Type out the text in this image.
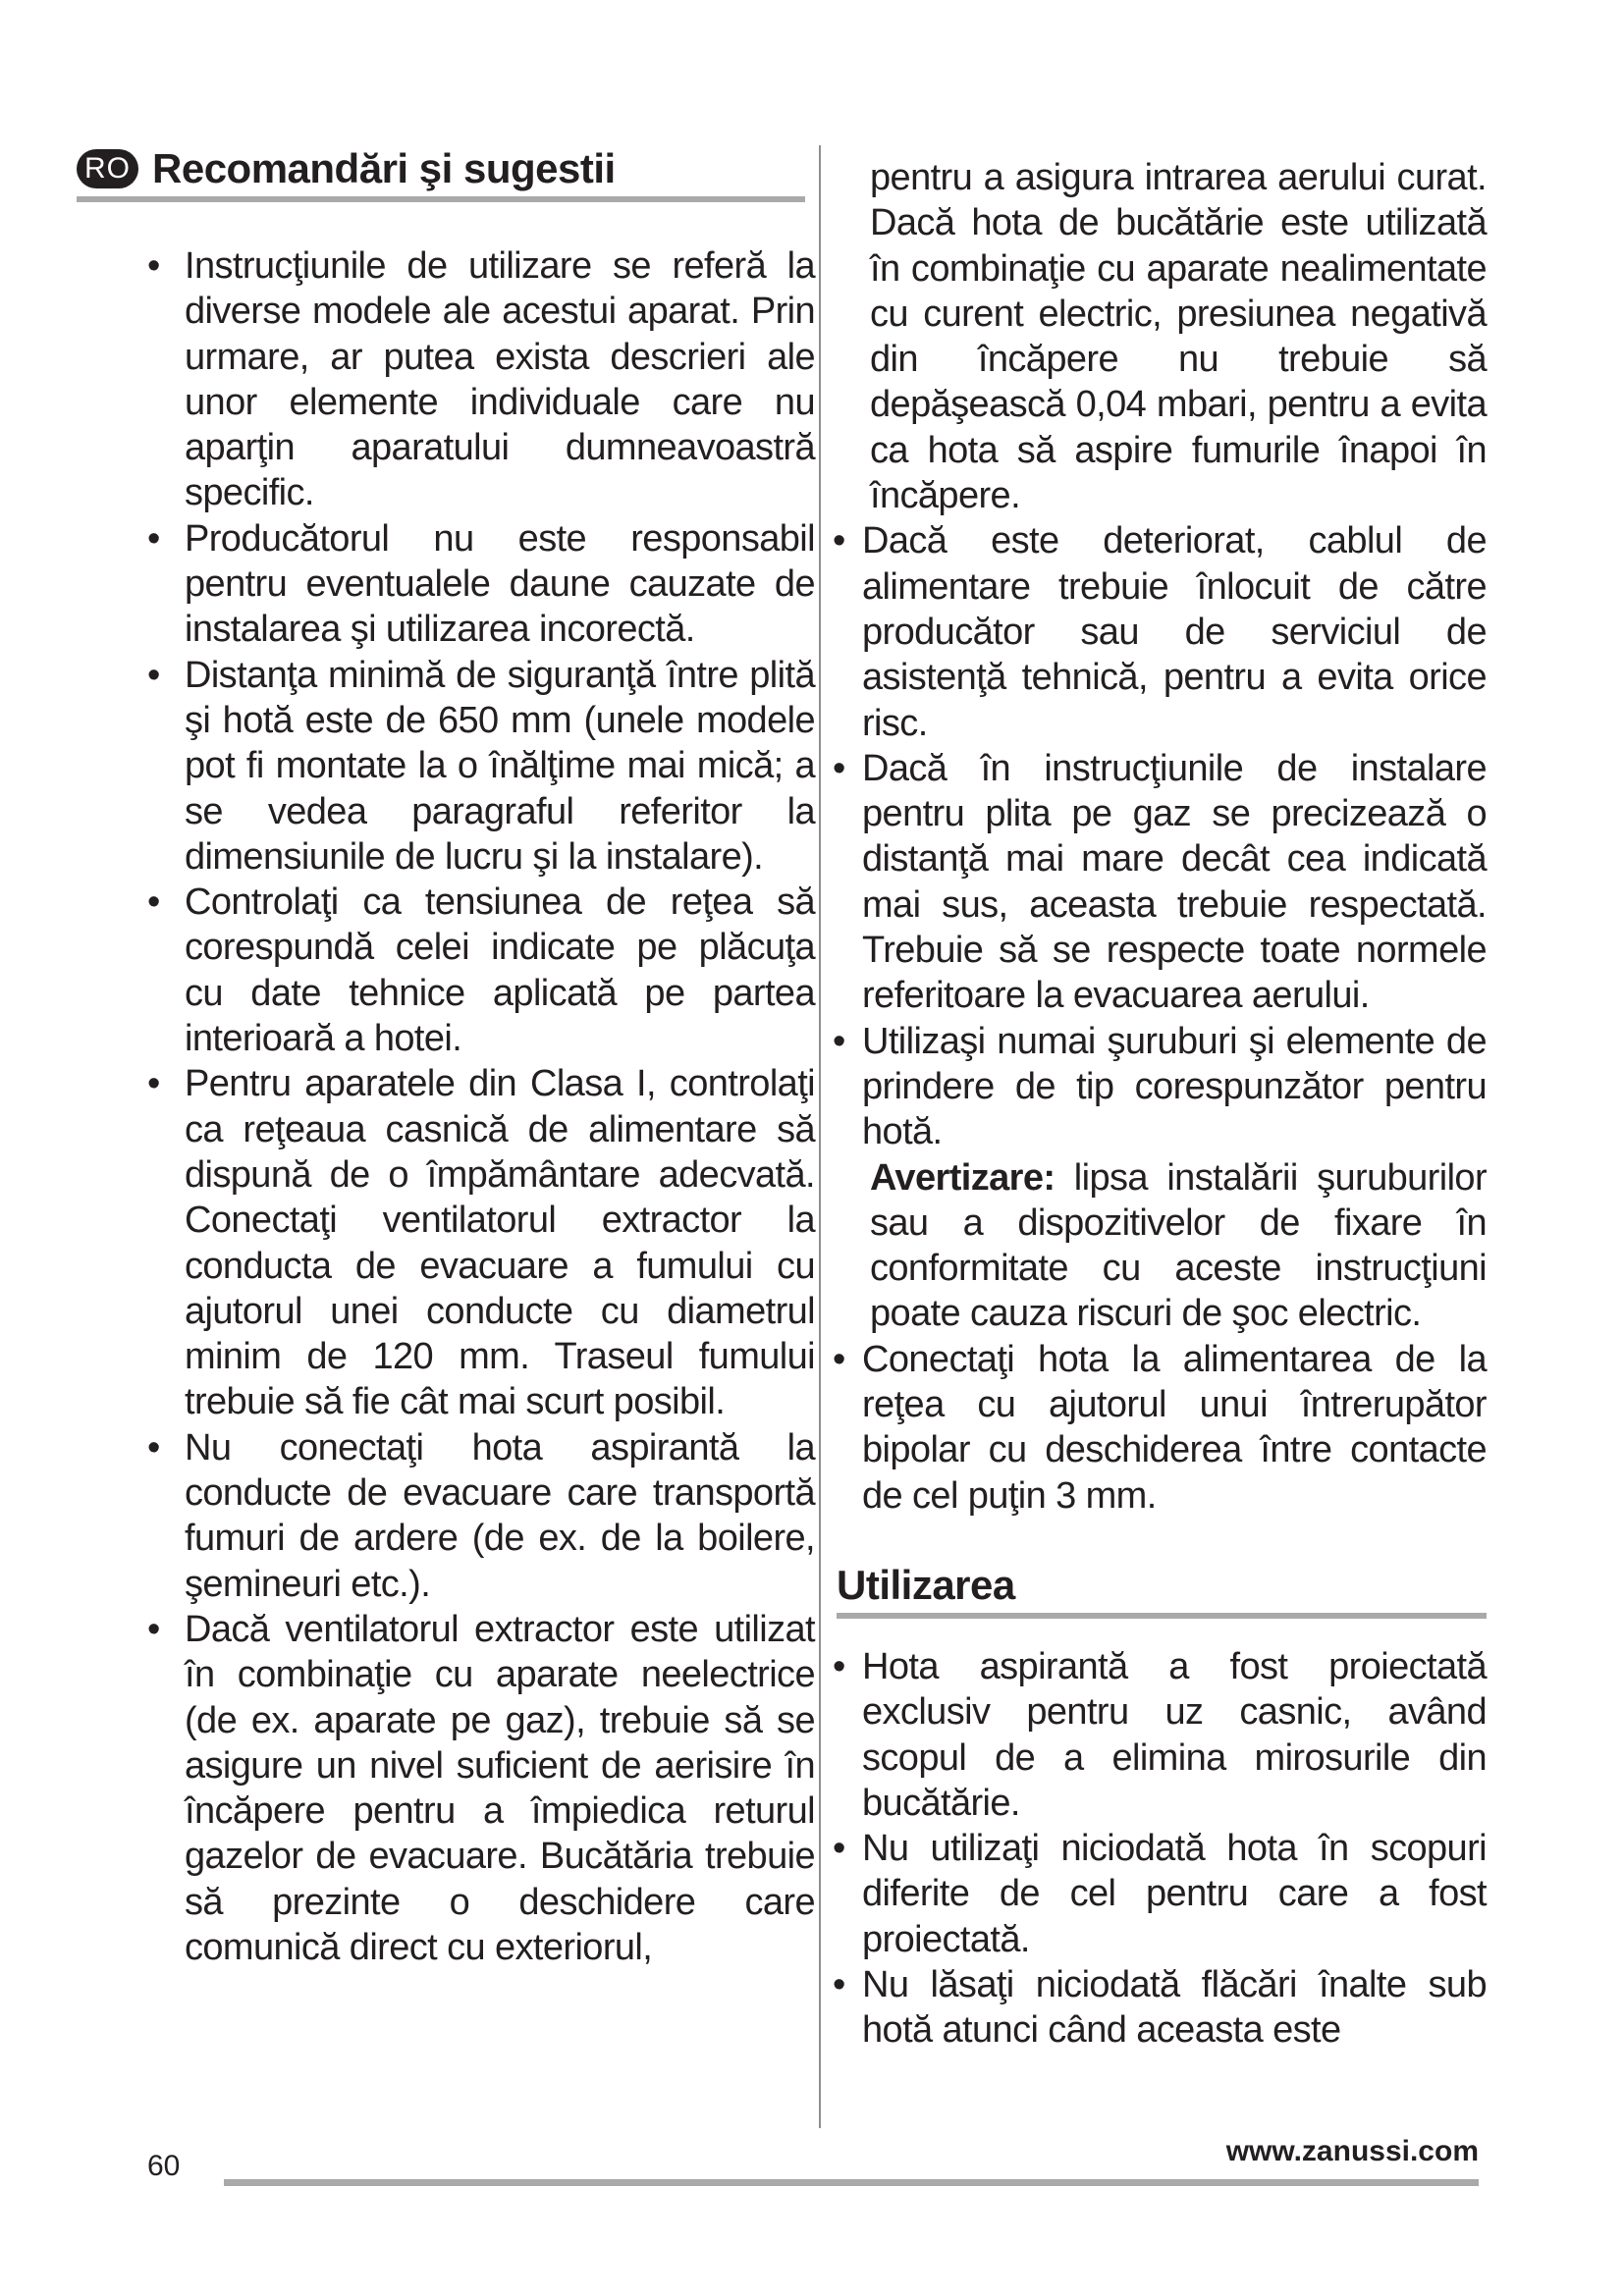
RO Recomandări şi sugestii

• Instrucţiunile de utilizare se referă la diverse modele ale acestui aparat. Prin urmare, ar putea exista descrieri ale unor elemente individuale care nu aparţin aparatului dumneavoastră specific.

• Producătorul nu este responsabil pentru eventualele daune cauzate de instalarea şi utilizarea incorectă.

• Distanţa minimă de siguranţă între plită şi hotă este de 650 mm (unele modele pot fi montate la o înălţime mai mică; a se vedea paragraful referitor la dimensiunile de lucru şi la instalare).

• Controlaţi ca tensiunea de reţea să corespundă celei indicate pe plăcuţa cu date tehnice aplicată pe partea interioară a hotei.

• Pentru aparatele din Clasa I, controlaţi ca reţeaua casnică de alimentare să dispună de o împământare adecvată. Conectaţi ventilatorul extractor la conducta de evacuare a fumului cu ajutorul unei conducte cu diametrul minim de 120 mm. Traseul fumului trebuie să fie cât mai scurt posibil.

• Nu conectaţi hota aspirantă la conducte de evacuare care transportă fumuri de ardere (de ex. de la boilere, şemineuri etc.).

• Dacă ventilatorul extractor este utilizat în combinaţie cu aparate neelectrice (de ex. aparate pe gaz), trebuie să se asigure un nivel suficient de aerisire în încăpere pentru a împiedica returul gazelor de evacuare. Bucătăria trebuie să prezinte o deschidere care comunică direct cu exteriorul,

pentru a asigura intrarea aerului curat. Dacă hota de bucătărie este utilizată în combinaţie cu aparate nealimentate cu curent electric, presiunea negativă din încăpere nu trebuie să depăşească 0,04 mbari, pentru a evita ca hota să aspire fumurile înapoi în încăpere.

• Dacă este deteriorat, cablul de alimentare trebuie înlocuit de către producător sau de serviciul de asistenţă tehnică, pentru a evita orice risc.

• Dacă în instrucţiunile de instalare pentru plita pe gaz se precizează o distanţă mai mare decât cea indicată mai sus, aceasta trebuie respectată. Trebuie să se respecte toate normele referitoare la evacuarea aerului.

• Utilizaşi numai şuruburi şi elemente de prindere de tip corespunzător pentru hotă.

Avertizare: lipsa instalării şuruburilor sau a dispozitivelor de fixare în conformitate cu aceste instrucţiuni poate cauza riscuri de şoc electric.

• Conectaţi hota la alimentarea de la reţea cu ajutorul unui întrerupător bipolar cu deschiderea între contacte de cel puţin 3 mm.

Utilizarea

• Hota aspirantă a fost proiectată exclusiv pentru uz casnic, având scopul de a elimina mirosurile din bucătărie.

• Nu utilizaţi niciodată hota în scopuri diferite de cel pentru care a fost proiectată.

• Nu lăsaţi niciodată flăcări înalte sub hotă atunci când aceasta este

60	www.zanussi.com
